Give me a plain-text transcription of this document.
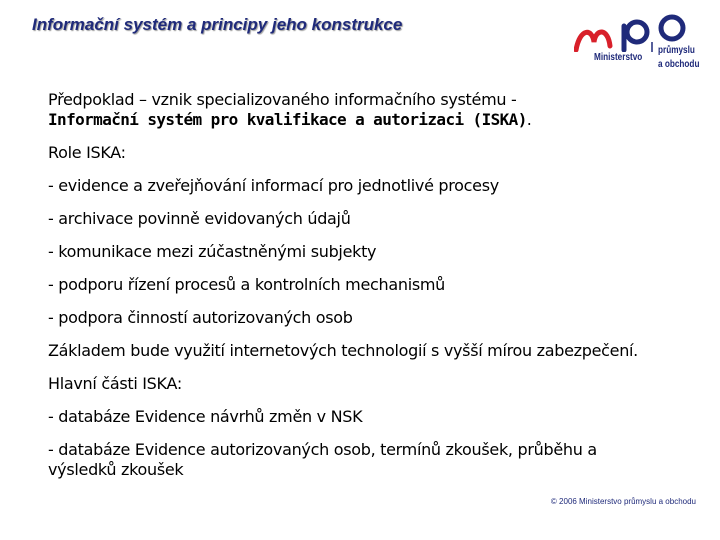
Informační systém a principy jeho konstrukce
Ministerstvo
průmyslu
a obchodu

Předpoklad – vznik specializovaného informačního systému -
Informační systém pro kvalifikace a autorizaci (ISKA).

Role ISKA:

- evidence a zveřejňování informací pro jednotlivé procesy

- archivace povinně evidovaných údajů

- komunikace mezi zúčastněnými subjekty

- podporu řízení procesů a kontrolních mechanismů

- podpora činností autorizovaných osob

Základem bude využití internetových technologií s vyšší mírou zabezpečení.

Hlavní části ISKA:

- databáze Evidence návrhů změn v NSK

- databáze Evidence autorizovaných osob, termínů zkoušek, průběhu a výsledků zkoušek

© 2006 Ministerstvo průmyslu a obchodu
